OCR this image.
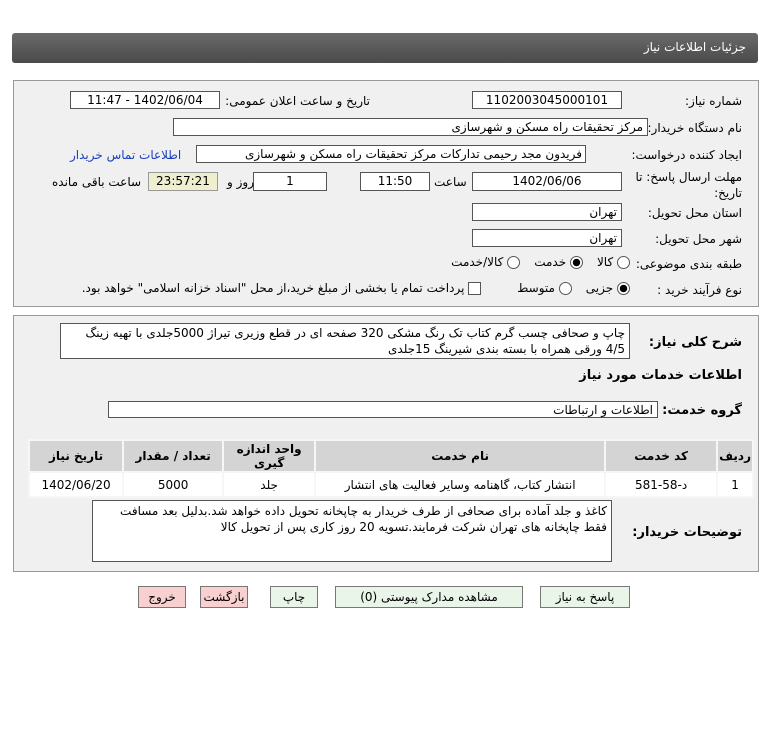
جزئیات اطلاعات نیاز
شماره نیاز:
1102003045000101
تاریخ و ساعت اعلان عمومی:
1402/06/04 - 11:47
نام دستگاه خریدار:
مرکز تحقیقات راه مسکن و شهرسازی
ایجاد کننده درخواست:
فریدون مجد رحیمی تدارکات مرکز تحقیقات راه مسکن و شهرسازی
اطلاعات تماس خریدار
مهلت ارسال پاسخ: تا
تاریخ:
1402/06/06
ساعت
11:50
1
روز و
23:57:21
ساعت باقی مانده
استان محل تحویل:
تهران
شهر محل تحویل:
تهران
طبقه بندی موضوعی:
کالا
خدمت
کالا/خدمت
نوع فرآیند خرید :
جزیی
متوسط
پرداخت تمام یا بخشی از مبلغ خرید،از محل "اسناد خزانه اسلامی" خواهد بود.
شرح کلی نیاز:
چاپ و صحافی چسب گرم کتاب تک رنگ مشکی 320 صفحه ای در قطع وزیری تیراژ 5000جلدی با تهیه زینگ 4/5 ورقی همراه با بسته بندی شیرینگ 15جلدی
اطلاعات خدمات مورد نیاز
گروه خدمت:
اطلاعات و ارتباطات
ردیف	کد خدمت	نام خدمت	واحد اندازه گیری	تعداد / مقدار	تاریخ نیاز
1	د-58-581	انتشار کتاب، گاهنامه وسایر فعالیت های انتشار	جلد	5000	1402/06/20
توضیحات خریدار:
کاغذ و جلد آماده برای صحافی از طرف خریدار به چاپخانه تحویل داده خواهد شد.بدلیل بعد مسافت فقط چاپخانه های تهران شرکت فرمایند.تسویه 20 روز کاری پس از تحویل کالا
پاسخ به نیاز
مشاهده مدارک پیوستی (0)
چاپ
بازگشت
خروج
